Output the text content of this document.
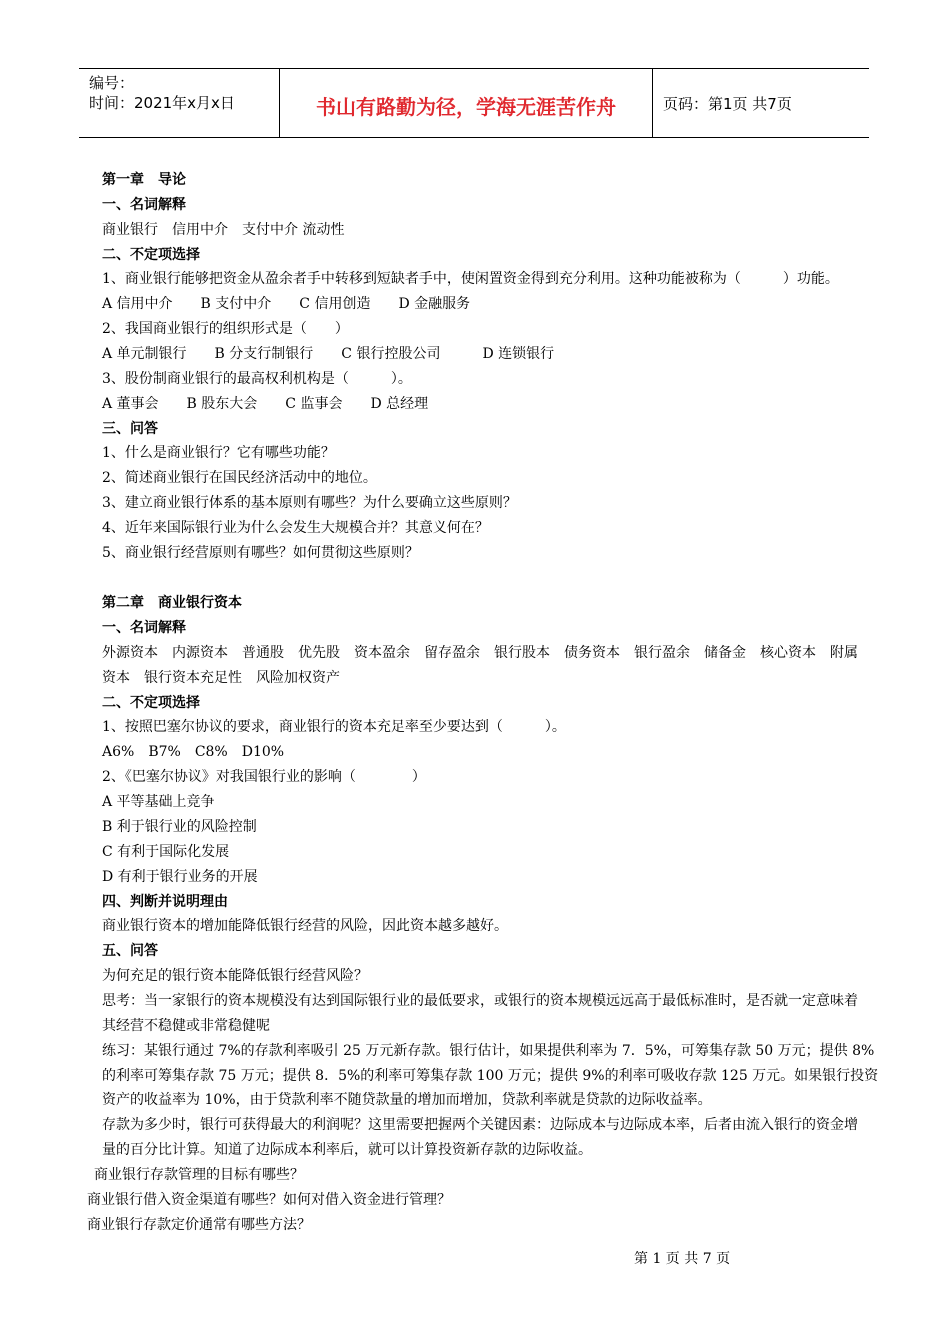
编号：
时间：2021年x月x日	书山有路勤为径，学海无涯苦作舟	页码：第1页 共7页
第一章　导论
一、名词解释
商业银行　信用中介　支付中介 流动性
二、不定项选择
1、商业银行能够把资金从盈余者手中转移到短缺者手中，使闲置资金得到充分利用。这种功能被称为（　　　）功能。
A 信用中介　　B 支付中介　　C 信用创造　　D 金融服务
2、我国商业银行的组织形式是（　　）
A 单元制银行　　B 分支行制银行　　C 银行控股公司　　　D 连锁银行
3、股份制商业银行的最高权利机构是（　　　）。
A 董事会　　B 股东大会　　C 监事会　　D 总经理
三、问答
1、什么是商业银行？它有哪些功能？
2、简述商业银行在国民经济活动中的地位。
3、建立商业银行体系的基本原则有哪些？为什么要确立这些原则？
4、近年来国际银行业为什么会发生大规模合并？其意义何在？
5、商业银行经营原则有哪些？如何贯彻这些原则？
第二章　商业银行资本
一、名词解释
外源资本　内源资本　普通股　优先股　资本盈余　留存盈余　银行股本　债务资本　银行盈余　储备金　核心资本　附属
资本　银行资本充足性　风险加权资产
二、不定项选择
1、按照巴塞尔协议的要求，商业银行的资本充足率至少要达到（　　　）。
A6%　B7%　C8%　D10%
2、《巴塞尔协议》对我国银行业的影响（　　　　）
A 平等基础上竞争
B 利于银行业的风险控制
C 有利于国际化发展
D 有利于银行业务的开展
四、判断并说明理由
商业银行资本的增加能降低银行经营的风险，因此资本越多越好。
五、问答
为何充足的银行资本能降低银行经营风险？
思考：当一家银行的资本规模没有达到国际银行业的最低要求，或银行的资本规模远远高于最低标准时，是否就一定意味着
其经营不稳健或非常稳健呢
练习：某银行通过 7%的存款利率吸引 25 万元新存款。银行估计，如果提供利率为 7．5%，可筹集存款 50 万元；提供 8%
的利率可筹集存款 75 万元；提供 8．5%的利率可筹集存款 100 万元；提供 9%的利率可吸收存款 125 万元。如果银行投资
资产的收益率为 10%，由于贷款利率不随贷款量的增加而增加，贷款利率就是贷款的边际收益率。
存款为多少时，银行可获得最大的利润呢？这里需要把握两个关键因素：边际成本与边际成本率，后者由流入银行的资金增
量的百分比计算。知道了边际成本利率后，就可以计算投资新存款的边际收益。
商业银行存款管理的目标有哪些？
商业银行借入资金渠道有哪些？如何对借入资金进行管理？
商业银行存款定价通常有哪些方法？
第 1 页 共 7 页
